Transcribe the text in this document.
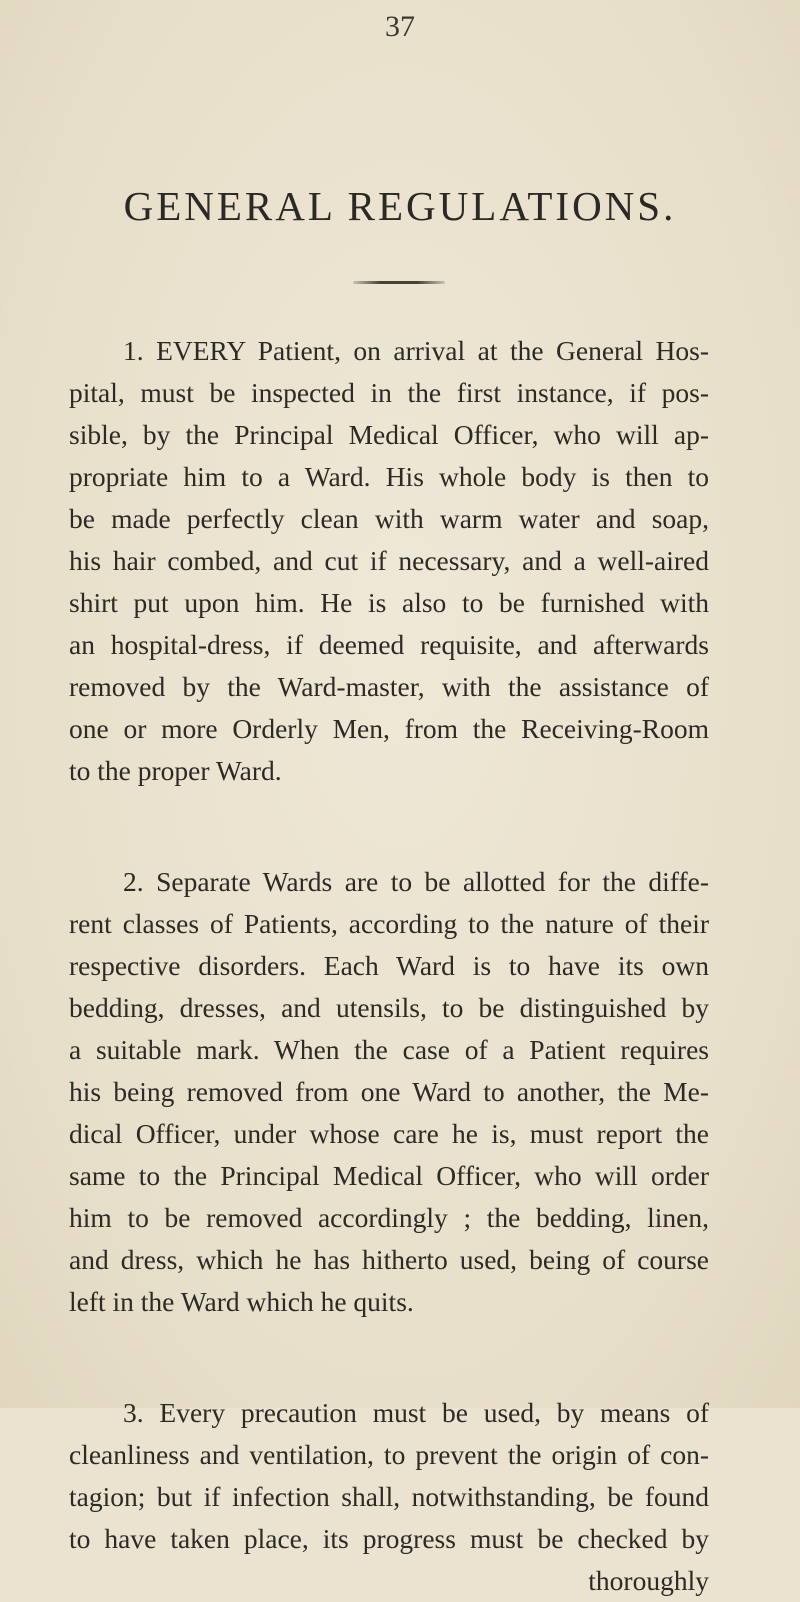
37
GENERAL REGULATIONS.

1. EVERY Patient, on arrival at the General Hos-
pital, must be inspected in the first instance, if pos-
sible, by the Principal Medical Officer, who will ap-
propriate him to a Ward. His whole body is then to
be made perfectly clean with warm water and soap,
his hair combed, and cut if necessary, and a well-aired
shirt put upon him. He is also to be furnished with
an hospital-dress, if deemed requisite, and afterwards
removed by the Ward-master, with the assistance of
one or more Orderly Men, from the Receiving-Room
to the proper Ward.

2. Separate Wards are to be allotted for the diffe-
rent classes of Patients, according to the nature of their
respective disorders. Each Ward is to have its own
bedding, dresses, and utensils, to be distinguished by
a suitable mark. When the case of a Patient requires
his being removed from one Ward to another, the Me-
dical Officer, under whose care he is, must report the
same to the Principal Medical Officer, who will order
him to be removed accordingly ; the bedding, linen,
and dress, which he has hitherto used, being of course
left in the Ward which he quits.

3. Every precaution must be used, by means of
cleanliness and ventilation, to prevent the origin of con-
tagion; but if infection shall, notwithstanding, be found
to have taken place, its progress must be checked by
thoroughly
